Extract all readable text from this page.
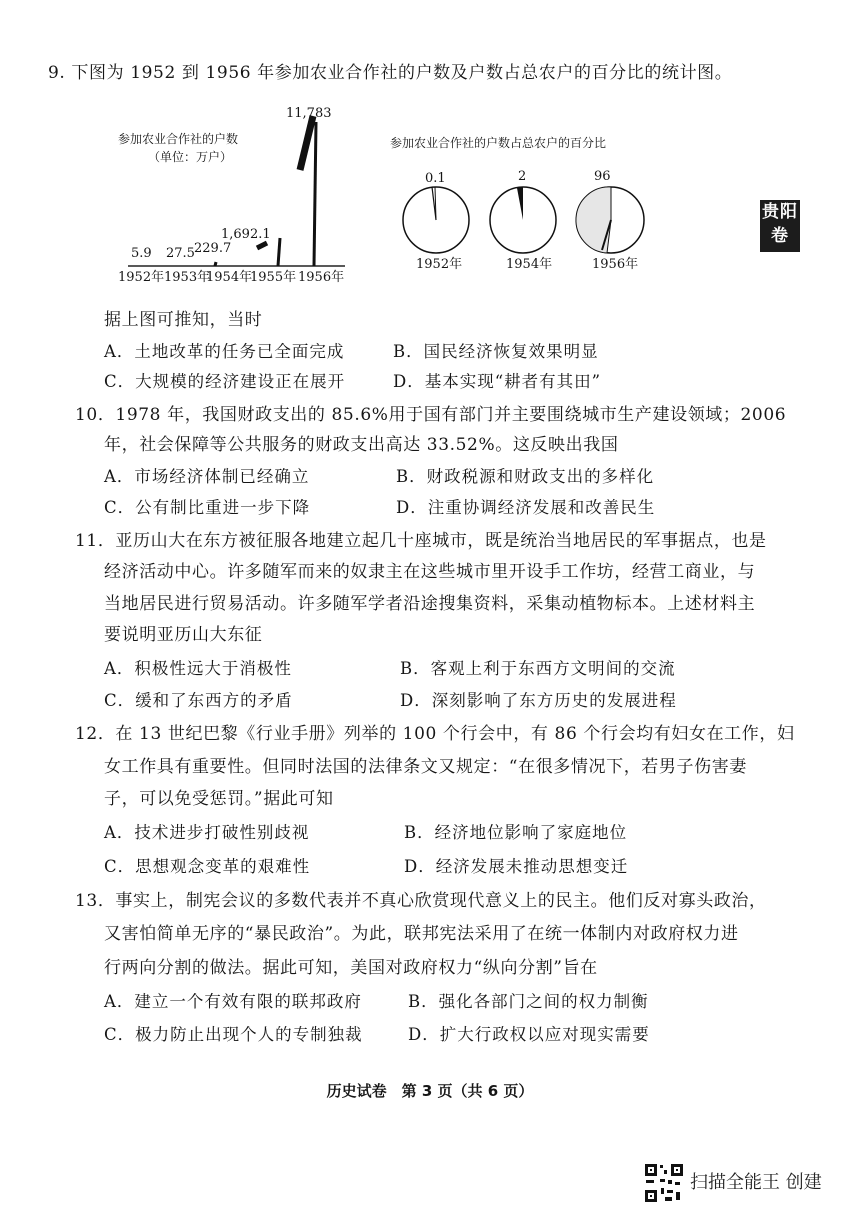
贵阳
卷
9. 下图为 1952 到 1956 年参加农业合作社的户数及户数占总农户的百分比的统计图。
参加农业合作社的户数
（单位：万户）
11,783
1,692.1
229.7
27.5
5.9
1952年 1953年
1954年
1955年 1956年
参加农业合作社的户数占总农户的百分比
0.1	2	96
1952年	1954年	1956年
据上图可推知，当时
A．土地改革的任务已全面完成	B．国民经济恢复效果明显
C．大规模的经济建设正在展开	D．基本实现“耕者有其田”
10．1978 年，我国财政支出的 85.6%用于国有部门并主要围绕城市生产建设领域；2006
年，社会保障等公共服务的财政支出高达 33.52%。这反映出我国
A．市场经济体制已经确立	B．财政税源和财政支出的多样化
C．公有制比重进一步下降	D．注重协调经济发展和改善民生
11．亚历山大在东方被征服各地建立起几十座城市，既是统治当地居民的军事据点，也是
经济活动中心。许多随军而来的奴隶主在这些城市里开设手工作坊，经营工商业，与
当地居民进行贸易活动。许多随军学者沿途搜集资料，采集动植物标本。上述材料主
要说明亚历山大东征
A．积极性远大于消极性	B．客观上利于东西方文明间的交流
C．缓和了东西方的矛盾	D．深刻影响了东方历史的发展进程
12．在 13 世纪巴黎《行业手册》列举的 100 个行会中，有 86 个行会均有妇女在工作，妇
女工作具有重要性。但同时法国的法律条文又规定：“在很多情况下，若男子伤害妻
子，可以免受惩罚。”据此可知
A．技术进步打破性别歧视	B．经济地位影响了家庭地位
C．思想观念变革的艰难性	D．经济发展未推动思想变迁
13．事实上，制宪会议的多数代表并不真心欣赏现代意义上的民主。他们反对寡头政治，
又害怕简单无序的“暴民政治”。为此，联邦宪法采用了在统一体制内对政府权力进
行两向分割的做法。据此可知，美国对政府权力“纵向分割”旨在
A．建立一个有效有限的联邦政府	B．强化各部门之间的权力制衡
C．极力防止出现个人的专制独裁	D．扩大行政权以应对现实需要
历史试卷　第 3 页（共 6 页）
扫描全能王 创建
